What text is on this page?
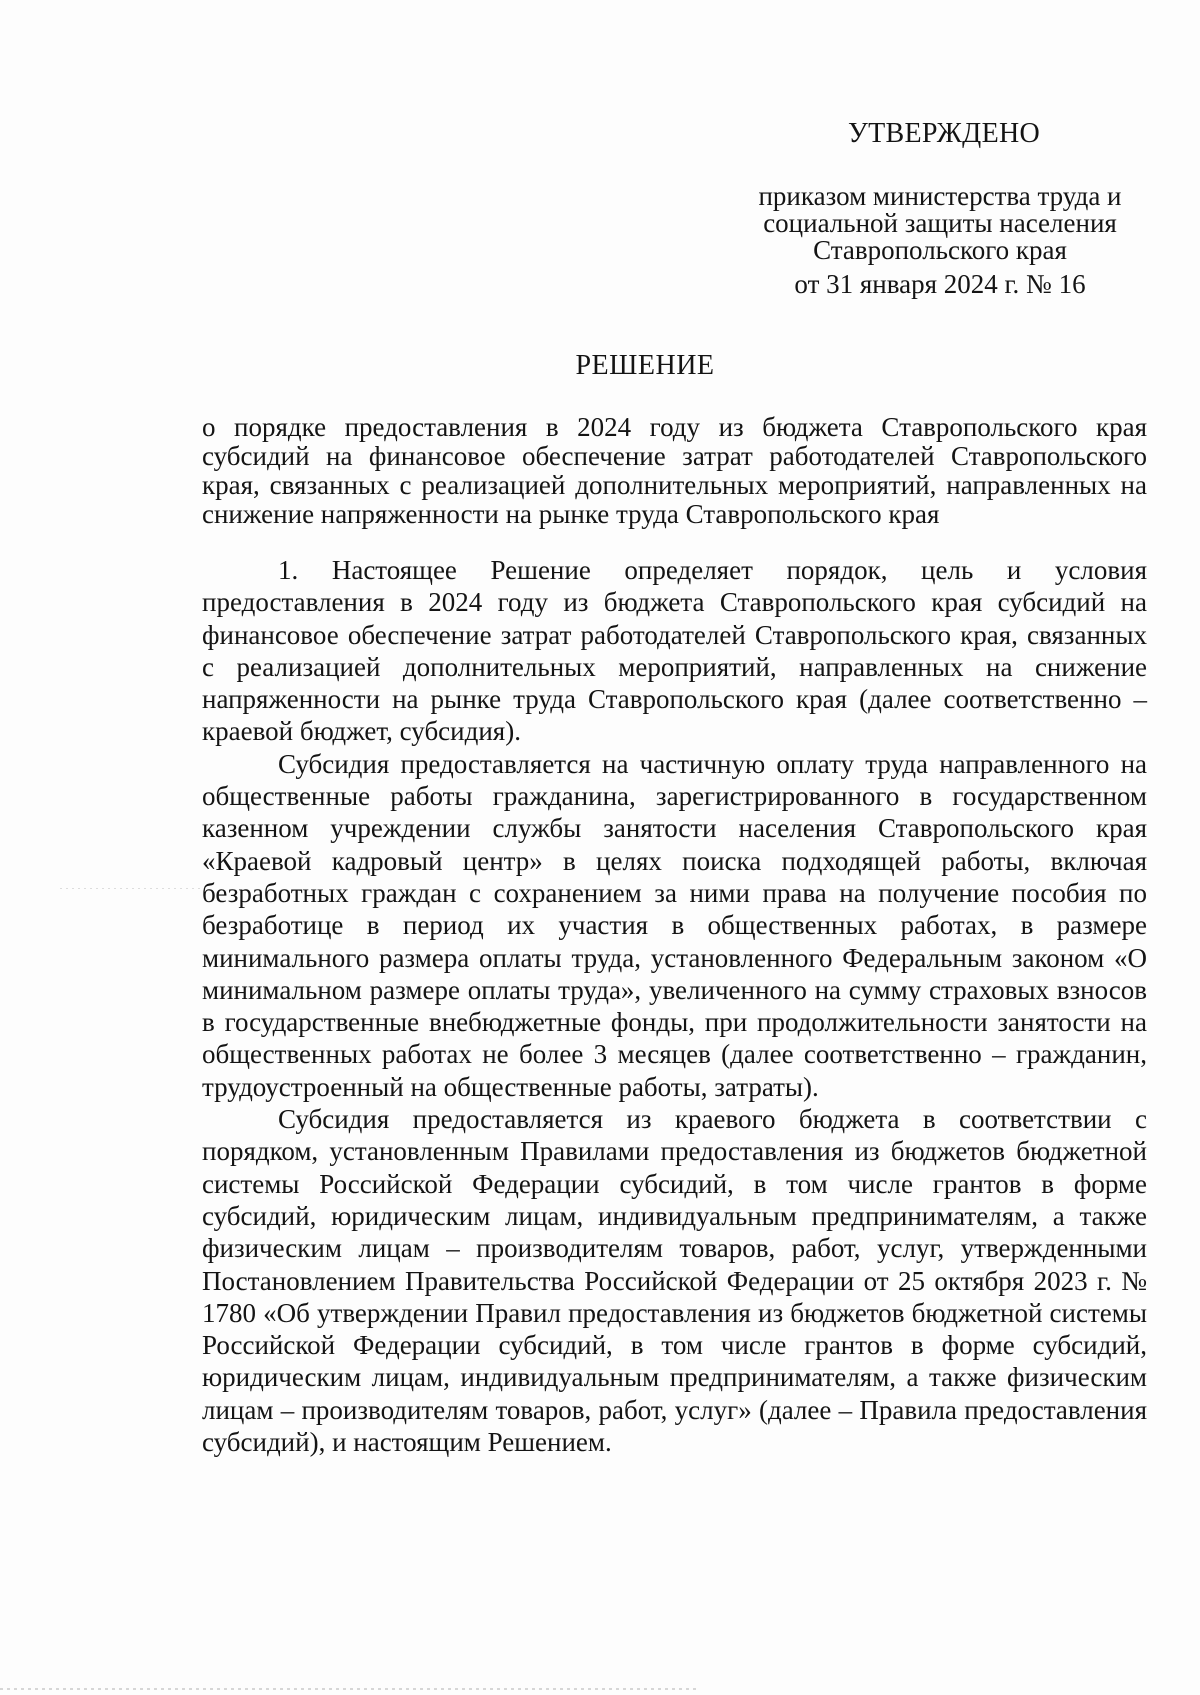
УТВЕРЖДЕНО
приказом министерства труда и
социальной защиты населения
Ставропольского края
от 31 января 2024 г. № 16
РЕШЕНИЕ
о порядке предоставления в 2024 году из бюджета Ставропольского края субсидий на финансовое обеспечение затрат работодателей Ставропольского края, связанных с реализацией дополнительных мероприятий, направленных на снижение напряженности на рынке труда Ставропольского края

1. Настоящее Решение определяет порядок, цель и условия предоставления в 2024 году из бюджета Ставропольского края субсидий на финансовое обеспечение затрат работодателей Ставропольского края, связанных с реализацией дополнительных мероприятий, направленных на снижение напряженности на рынке труда Ставропольского края (далее соответственно – краевой бюджет, субсидия).

Субсидия предоставляется на частичную оплату труда направленного на общественные работы гражданина, зарегистрированного в государственном казенном учреждении службы занятости населения Ставропольского края «Краевой кадровый центр» в целях поиска подходящей работы, включая безработных граждан с сохранением за ними права на получение пособия по безработице в период их участия в общественных работах, в размере минимального размера оплаты труда, установленного Федеральным законом «О минимальном размере оплаты труда», увеличенного на сумму страховых взносов в государственные внебюджетные фонды, при продолжительности занятости на общественных работах не более 3 месяцев (далее соответственно – гражданин, трудоустроенный на общественные работы, затраты).

Субсидия предоставляется из краевого бюджета в соответствии с порядком, установленным Правилами предоставления из бюджетов бюджетной системы Российской Федерации субсидий, в том числе грантов в форме субсидий, юридическим лицам, индивидуальным предпринимателям, а также физическим лицам – производителям товаров, работ, услуг, утвержденными Постановлением Правительства Российской Федерации от 25 октября 2023 г. № 1780 «Об утверждении Правил предоставления из бюджетов бюджетной системы Российской Федерации субсидий, в том числе грантов в форме субсидий, юридическим лицам, индивидуальным предпринимателям, а также физическим лицам – производителям товаров, работ, услуг» (далее – Правила предоставления субсидий), и настоящим Решением.
